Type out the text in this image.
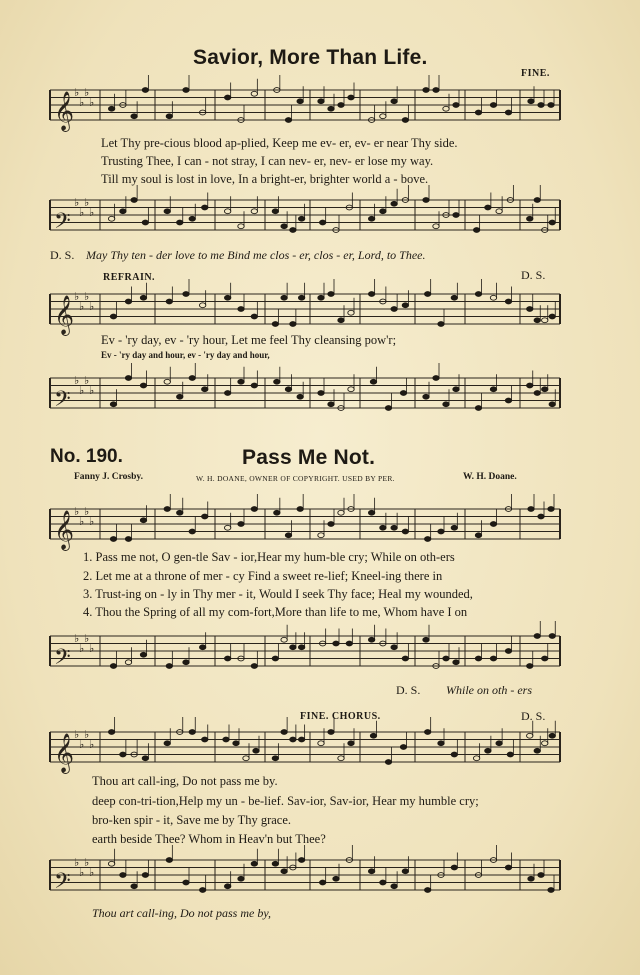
Savior, More Than Life.
FINE.
𝄞 ♭
♭
♭
♭
Let Thy pre-cious blood ap-plied, Keep me ev- er, ev- er near Thy side.
Trusting Thee, I can - not stray, I can nev- er, nev- er lose my way.
Till my soul is lost in love, In a bright-er, brighter world a - bove.
𝄢
♭
♭
♭
♭
D. S. May Thy ten - der love to me Bind me clos - er, clos - er, Lord, to Thee.
REFRAIN.	D. S.
𝄞 ♭
♭
♭
♭
Ev - 'ry day, ev - 'ry hour, Let me feel Thy cleansing pow'r;
Ev - 'ry day and hour, ev - 'ry day and hour,
𝄢
♭
♭
♭
♭
No. 190.	Pass Me Not.
Fanny J. Crosby.	W. H. DOANE, OWNER OF COPYRIGHT. USED BY PER.	W. H. Doane.
𝄞 ♭
♭
♭
♭
1. Pass me not, O gen-tle Sav - ior,Hear my hum-ble cry; While on oth-ers
2. Let me at a throne of mer - cy Find a sweet re-lief; Kneel-ing there in
3. Trust-ing on - ly in Thy mer - it, Would I seek Thy face; Heal my wounded,
4. Thou the Spring of all my com-fort,More than life to me, Whom have I on
𝄢
♭
♭
♭
♭
D. S. While on oth - ers
FINE. CHORUS.	D. S.
𝄞 ♭
♭
♭
♭
Thou art call-ing, Do not pass me by.
deep con-tri-tion,Help my un - be-lief. Sav-ior, Sav-ior, Hear my humble cry;
bro-ken spir - it, Save me by Thy grace.
earth beside Thee? Whom in Heav'n but Thee?
𝄢
♭
♭
♭
♭
Thou art call-ing, Do not pass me by,
